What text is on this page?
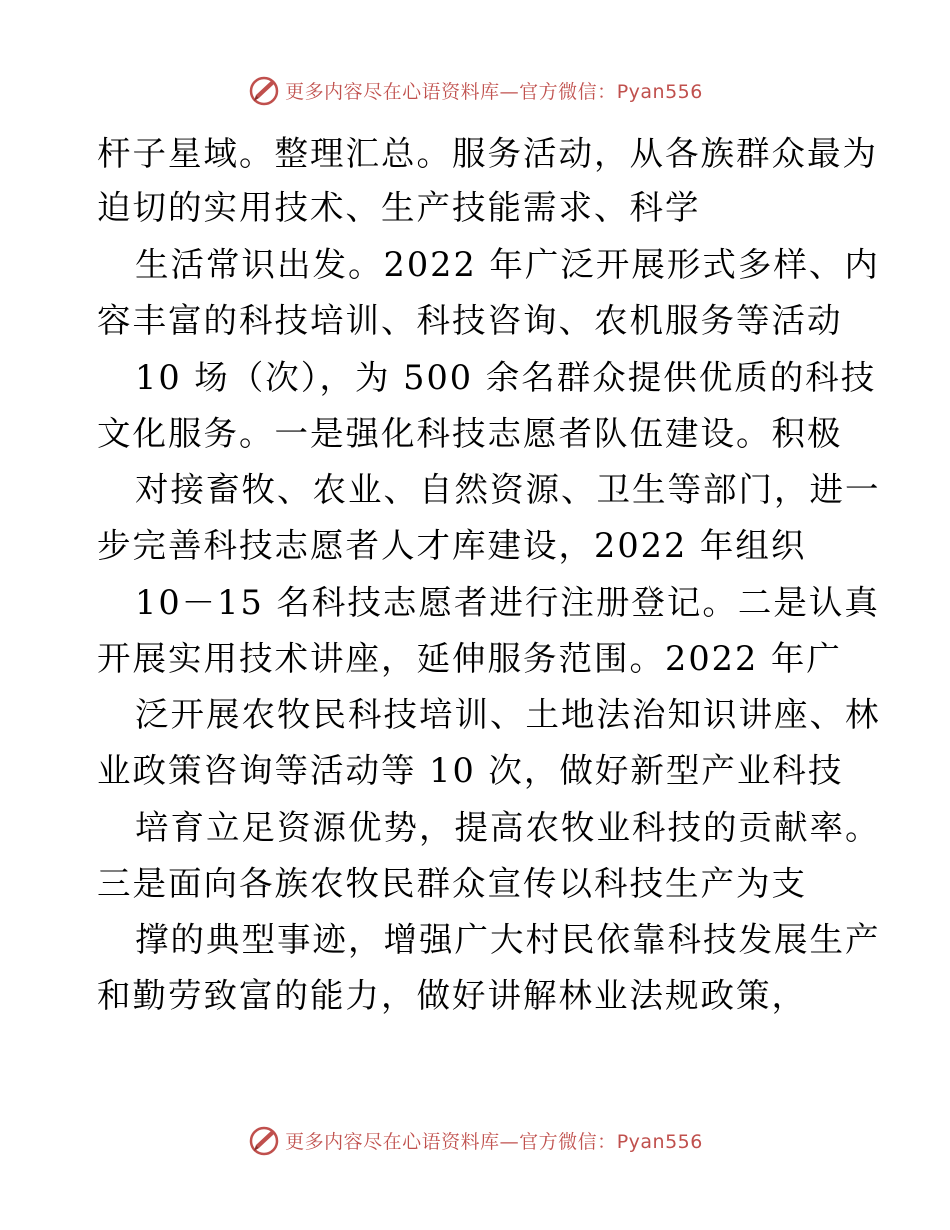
更多内容尽在心语资料库—官方微信：Pyan556
杆子星域。整理汇总。服务活动，从各族群众最为
迫切的实用技术、生产技能需求、科学
生活常识出发。2022 年广泛开展形式多样、内
容丰富的科技培训、科技咨询、农机服务等活动
10 场（次），为 500 余名群众提供优质的科技
文化服务。一是强化科技志愿者队伍建设。积极
对接畜牧、农业、自然资源、卫生等部门，进一
步完善科技志愿者人才库建设，2022 年组织
10－15 名科技志愿者进行注册登记。二是认真
开展实用技术讲座，延伸服务范围。2022 年广
泛开展农牧民科技培训、土地法治知识讲座、林
业政策咨询等活动等 10 次，做好新型产业科技
培育立足资源优势，提高农牧业科技的贡献率。
三是面向各族农牧民群众宣传以科技生产为支
撑的典型事迹，增强广大村民依靠科技发展生产
和勤劳致富的能力，做好讲解林业法规政策，
更多内容尽在心语资料库—官方微信：Pyan556
